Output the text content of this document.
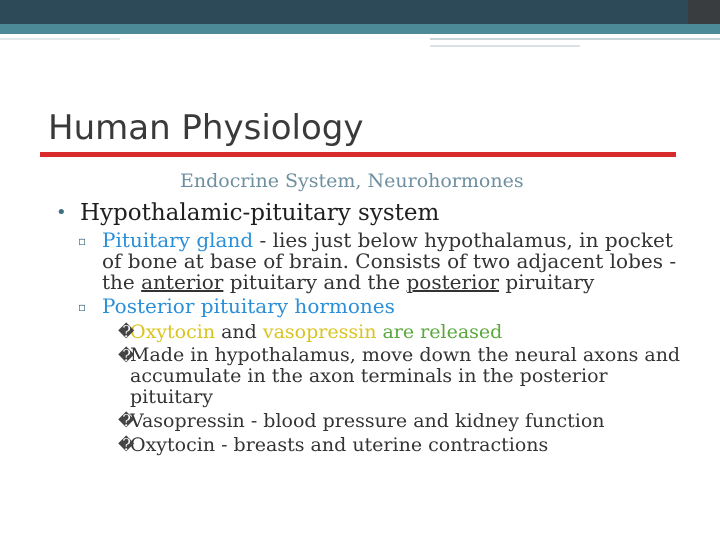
Human Physiology
Endocrine System, Neurohormones
• Hypothalamic-pituitary system
▫ Pituitary gland - lies just below hypothalamus, in pocket of bone at base of brain. Consists of two adjacent lobes - the anterior pituitary and the posterior piruitary
▫ Posterior pituitary hormones
�
Oxytocin and vasopressin are released
�
Made in hypothalamus, move down the neural axons and accumulate in the axon terminals in the posterior pituitary
�
Vasopressin - blood pressure and kidney function
�
Oxytocin - breasts and uterine contractions
